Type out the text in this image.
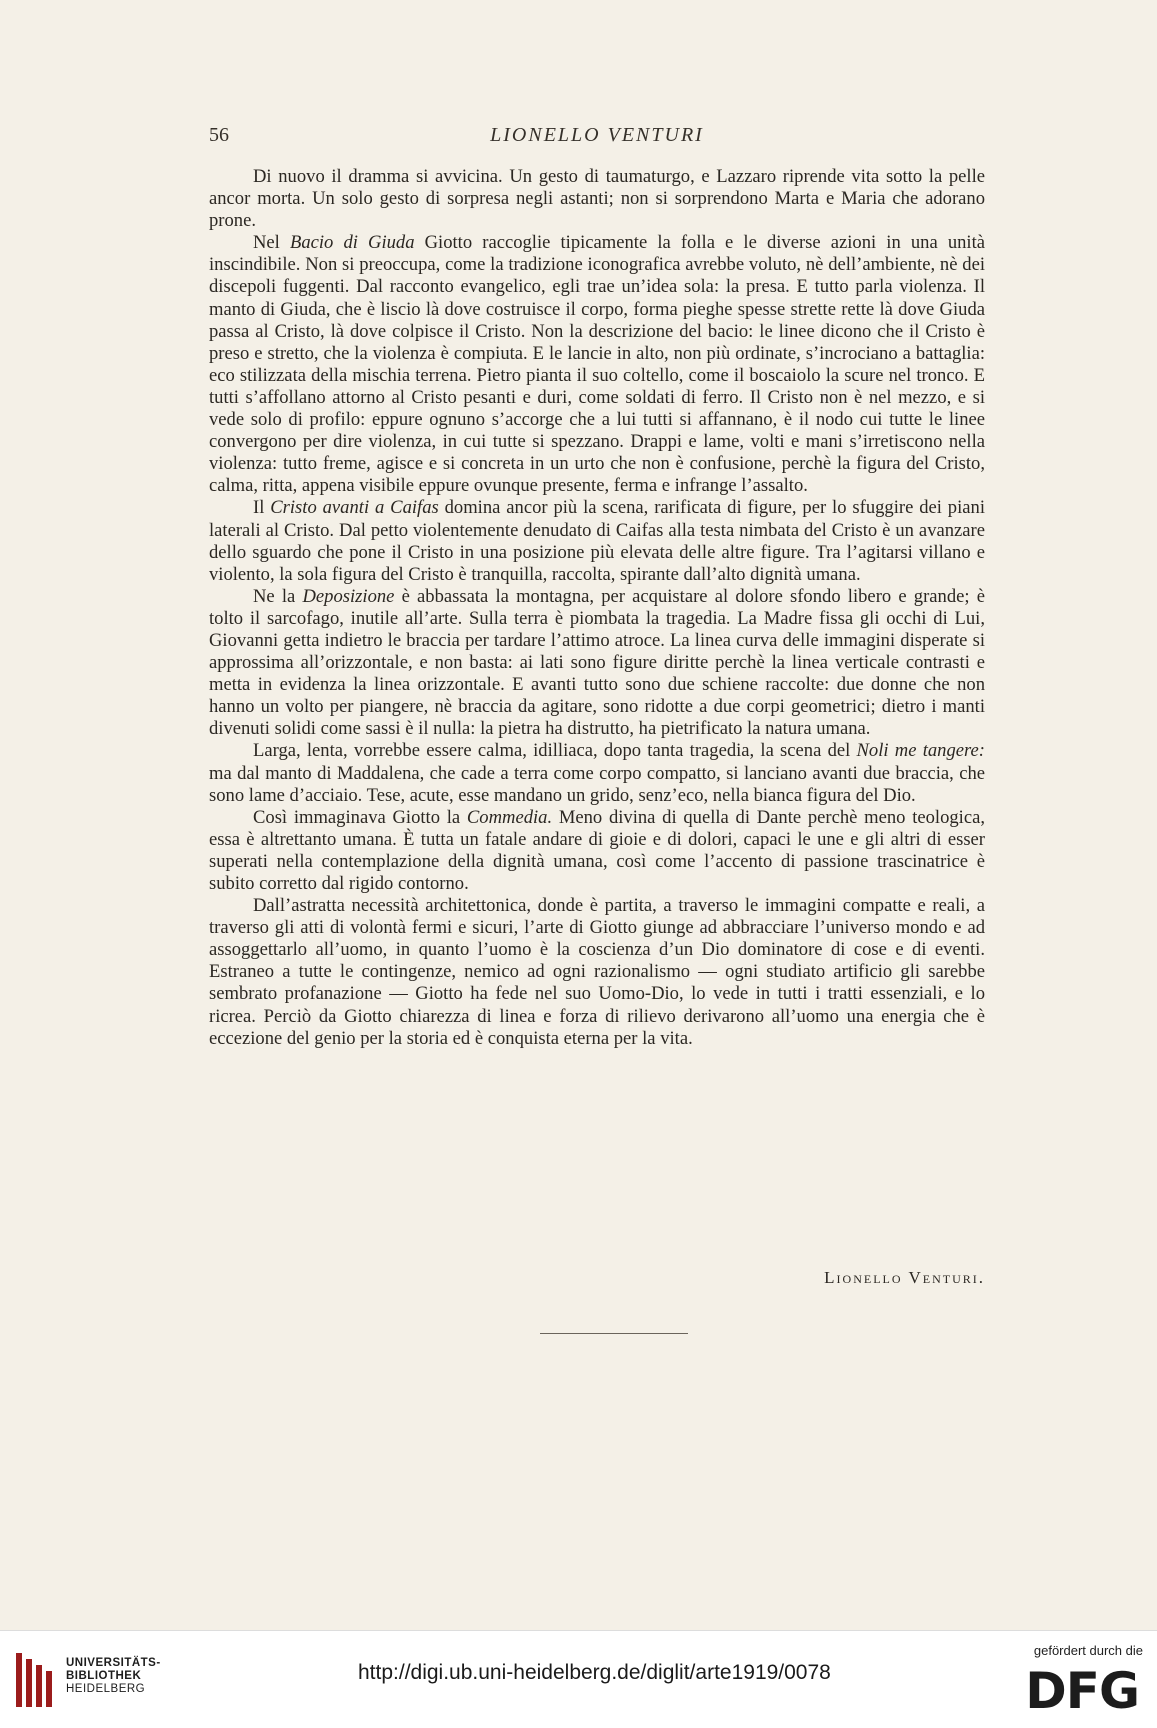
56	LIONELLO VENTURI

Di nuovo il dramma si avvicina. Un gesto di taumaturgo, e Lazzaro riprende vita sotto la pelle ancor morta. Un solo gesto di sorpresa negli astanti; non si sorprendono Marta e Maria che adorano prone.

Nel Bacio di Giuda Giotto raccoglie tipicamente la folla e le diverse azioni in una unità inscindibile. Non si preoccupa, come la tradizione iconografica avrebbe voluto, nè dell’ambiente, nè dei discepoli fuggenti. Dal racconto evangelico, egli trae un’idea sola: la presa. E tutto parla violenza. Il manto di Giuda, che è liscio là dove costruisce il corpo, forma pieghe spesse strette rette là dove Giuda passa al Cristo, là dove colpisce il Cristo. Non la descrizione del bacio: le linee dicono che il Cristo è preso e stretto, che la violenza è compiuta. E le lancie in alto, non più ordinate, s’incrociano a battaglia: eco stilizzata della mischia terrena. Pietro pianta il suo coltello, come il boscaiolo la scure nel tronco. E tutti s’affollano attorno al Cristo pesanti e duri, come soldati di ferro. Il Cristo non è nel mezzo, e si vede solo di profilo: eppure ognuno s’accorge che a lui tutti si affannano, è il nodo cui tutte le linee convergono per dire violenza, in cui tutte si spezzano. Drappi e lame, volti e mani s’irretiscono nella violenza: tutto freme, agisce e si concreta in un urto che non è confusione, perchè la figura del Cristo, calma, ritta, appena visibile eppure ovunque presente, ferma e infrange l’assalto.

Il Cristo avanti a Caifas domina ancor più la scena, rarificata di figure, per lo sfuggire dei piani laterali al Cristo. Dal petto violentemente denudato di Caifas alla testa nimbata del Cristo è un avanzare dello sguardo che pone il Cristo in una posizione più elevata delle altre figure. Tra l’agitarsi villano e violento, la sola figura del Cristo è tranquilla, raccolta, spirante dall’alto dignità umana.

Ne la Deposizione è abbassata la montagna, per acquistare al dolore sfondo libero e grande; è tolto il sarcofago, inutile all’arte. Sulla terra è piombata la tragedia. La Madre fissa gli occhi di Lui, Giovanni getta indietro le braccia per tardare l’attimo atroce. La linea curva delle immagini disperate si approssima all’orizzontale, e non basta: ai lati sono figure diritte perchè la linea verticale contrasti e metta in evidenza la linea orizzontale. E avanti tutto sono due schiene raccolte: due donne che non hanno un volto per piangere, nè braccia da agitare, sono ridotte a due corpi geometrici; dietro i manti divenuti solidi come sassi è il nulla: la pietra ha distrutto, ha pietrificato la natura umana.

Larga, lenta, vorrebbe essere calma, idilliaca, dopo tanta tragedia, la scena del Noli me tangere: ma dal manto di Maddalena, che cade a terra come corpo compatto, si lanciano avanti due braccia, che sono lame d’acciaio. Tese, acute, esse mandano un grido, senz’eco, nella bianca figura del Dio.

Così immaginava Giotto la Commedia. Meno divina di quella di Dante perchè meno teologica, essa è altrettanto umana. È tutta un fatale andare di gioie e di dolori, capaci le une e gli altri di esser superati nella contemplazione della dignità umana, così come l’accento di passione trascinatrice è subito corretto dal rigido contorno.

Dall’astratta necessità architettonica, donde è partita, a traverso le immagini compatte e reali, a traverso gli atti di volontà fermi e sicuri, l’arte di Giotto giunge ad abbracciare l’universo mondo e ad assoggettarlo all’uomo, in quanto l’uomo è la coscienza d’un Dio dominatore di cose e di eventi. Estraneo a tutte le contingenze, nemico ad ogni razionalismo — ogni studiato artificio gli sarebbe sembrato profanazione — Giotto ha fede nel suo Uomo-Dio, lo vede in tutti i tratti essenziali, e lo ricrea. Perciò da Giotto chiarezza di linea e forza di rilievo derivarono all’uomo una energia che è eccezione del genio per la storia ed è conquista eterna per la vita.

Lionello Venturi.
UNIVERSITÄTS-
BIBLIOTHEK
HEIDELBERG
http://digi.ub.uni-heidelberg.de/diglit/arte1919/0078
gefördert durch die
DFG
